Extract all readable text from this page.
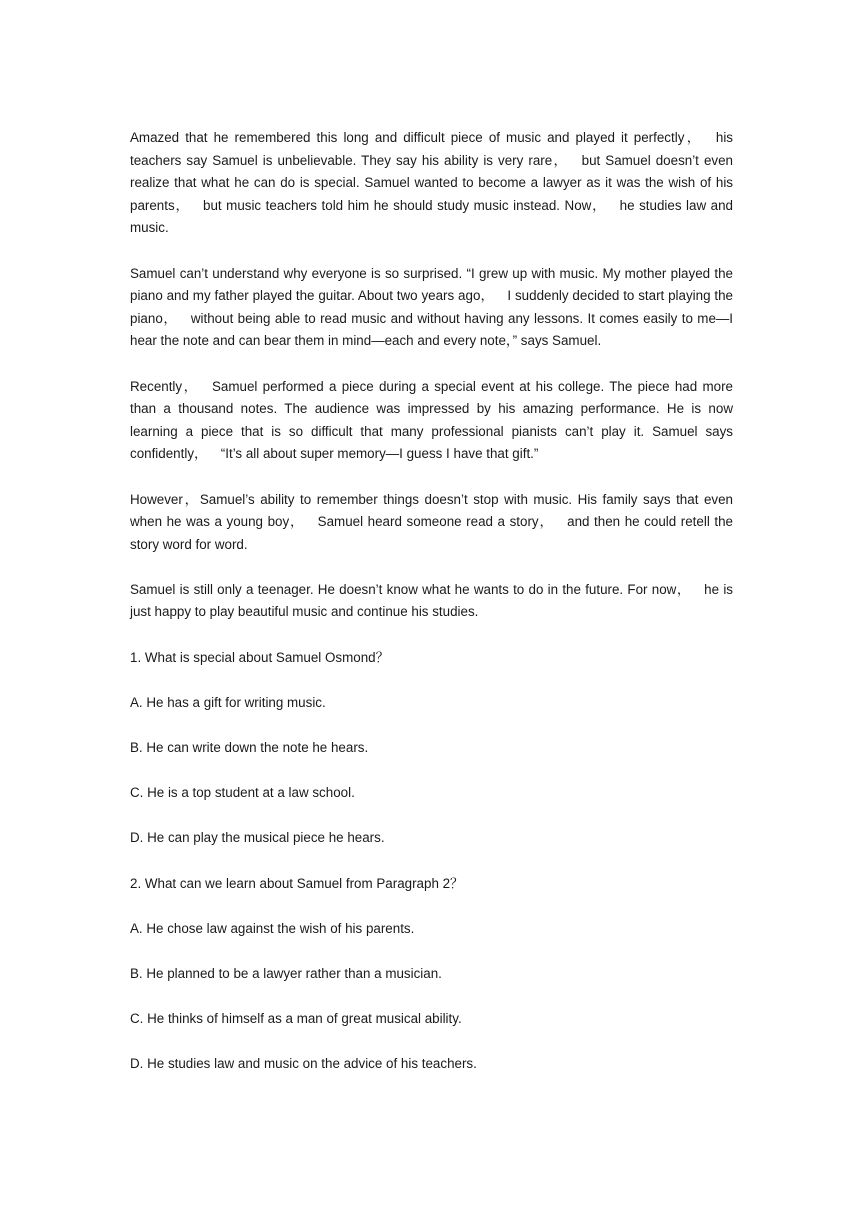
Amazed that he remembered this long and difficult piece of music and played it perfectly， his teachers say Samuel is unbelievable. They say his ability is very rare， but Samuel doesn’t even realize that what he can do is special. Samuel wanted to become a lawyer as it was the wish of his parents， but music teachers told him he should study music instead. Now， he studies law and music.

Samuel can’t understand why everyone is so surprised. “I grew up with music. My mother played the piano and my father played the guitar. About two years ago， I suddenly decided to start playing the piano， without being able to read music and without having any lessons. It comes easily to me—I hear the note and can bear them in mind—each and every note，” says Samuel.

Recently， Samuel performed a piece during a special event at his college. The piece had more than a thousand notes. The audience was impressed by his amazing performance. He is now learning a piece that is so difficult that many professional pianists can’t play it. Samuel says confidently， “It’s all about super memory—I guess I have that gift.”

However，Samuel’s ability to remember things doesn’t stop with music. His family says that even when he was a young boy， Samuel heard someone read a story， and then he could retell the story word for word.

Samuel is still only a teenager. He doesn’t know what he wants to do in the future. For now， he is just happy to play beautiful music and continue his studies.

1. What is special about Samuel Osmond？

A. He has a gift for writing music.

B. He can write down the note he hears.

C. He is a top student at a law school.

D. He can play the musical piece he hears.

2. What can we learn about Samuel from Paragraph 2？

A. He chose law against the wish of his parents.

B. He planned to be a lawyer rather than a musician.

C. He thinks of himself as a man of great musical ability.

D. He studies law and music on the advice of his teachers.
